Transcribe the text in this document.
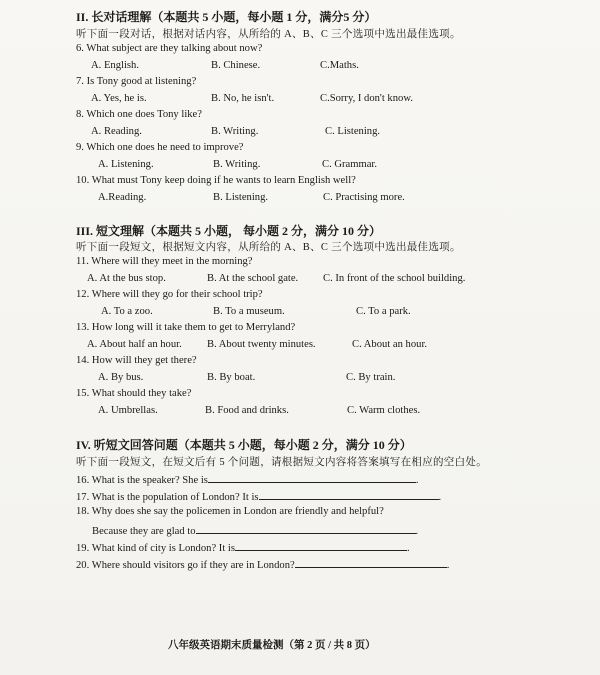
II. 长对话理解（本题共 5 小题，每小题 1 分，满分5 分）
听下面一段对话，根据对话内容，从所给的 A、B、C 三个选项中选出最佳选项。
6. What subject are they talking about now?
A. English.	B. Chinese.	C.Maths.
7. Is Tony good at listening?
A. Yes, he is.	B. No, he isn't.	C.Sorry, I don't know.
8. Which one does Tony like?
A. Reading.	B. Writing.	C. Listening.
9. Which one does he need to improve?
A. Listening.	B. Writing.	C. Grammar.
10. What must Tony keep doing if he wants to learn English well?
A.Reading.	B. Listening.	C. Practising more.
III. 短文理解（本题共 5 小题， 每小题 2 分，满分 10 分）
听下面一段短文，根据短文内容，从所给的 A、B、C 三个选项中选出最佳选项。
11. Where will they meet in the morning?
A. At the bus stop.	B. At the school gate. C. In front of the school building.
12. Where will they go for their school trip?
A. To a zoo.	B. To a museum.	C. To a park.
13. How long will it take them to get to Merryland?
A. About half an hour. B. About twenty minutes.	C. About an hour.
14. How will they get there?
A. By bus.	B. By boat.	C. By train.
15. What should they take?
A. Umbrellas.	B. Food and drinks.	C. Warm clothes.
IV. 听短文回答问题（本题共 5 小题，每小题 2 分，满分 10 分）
听下面一段短文，在短文后有 5 个问题，请根据短文内容将答案填写在相应的空白处。
16. What is the speaker? She is	.
17. What is the population of London? It is	.
18. Why does she say the policemen in London are friendly and helpful?
Because they are glad to	.
19. What kind of city is London? It is	.
20. Where should visitors go if they are in London?	.
八年级英语期末质量检测（第 2 页 / 共 8 页）
